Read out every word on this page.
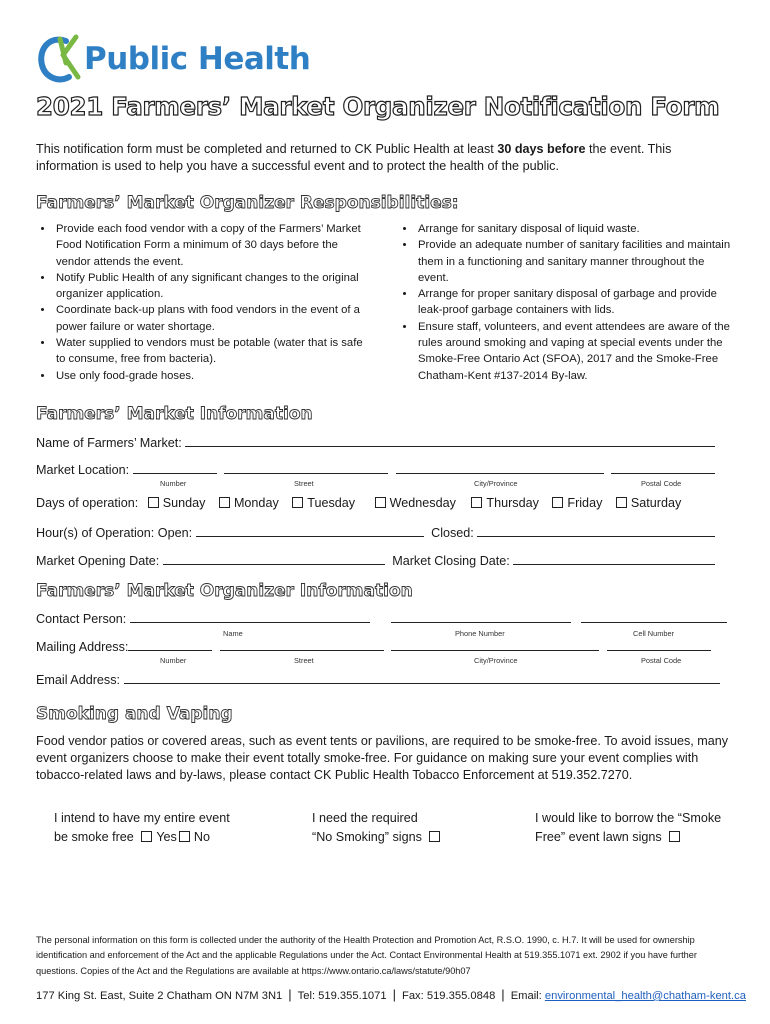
Public Health
2021 Farmers’ Market Organizer Notification Form
This notification form must be completed and returned to CK Public Health at least 30 days before the event. This information is used to help you have a successful event and to protect the health of the public.
Farmers’ Market Organizer Responsibilities:
• Provide each food vendor with a copy of the Farmers’ Market Food Notification Form a minimum of 30 days before the vendor attends the event.
• Notify Public Health of any significant changes to the original organizer application.
• Coordinate back-up plans with food vendors in the event of a power failure or water shortage.
• Water supplied to vendors must be potable (water that is safe to consume, free from bacteria).
• Use only food-grade hoses.
• Arrange for sanitary disposal of liquid waste.
• Provide an adequate number of sanitary facilities and maintain them in a functioning and sanitary manner throughout the event.
• Arrange for proper sanitary disposal of garbage and provide leak-proof garbage containers with lids.
• Ensure staff, volunteers, and event attendees are aware of the rules around smoking and vaping at special events under the Smoke-Free Ontario Act (SFOA), 2017 and the Smoke-Free Chatham-Kent #137-2014 By-law.
Farmers’ Market Information
Name of Farmers’ Market:
Market Location:
Number	Street	City/Province	Postal Code
Days of operation: Sunday Monday Tuesday	Wednesday Thursday Friday Saturday
Hour(s) of Operation: Open:	Closed:
Market Opening Date:	Market Closing Date:
Farmers’ Market Organizer Information
Contact Person:
Name	Phone Number	Cell Number
Mailing Address:
Number	Street	City/Province	Postal Code
Email Address:
Smoking and Vaping
Food vendor patios or covered areas, such as event tents or pavilions, are required to be smoke-free. To avoid issues, many event organizers choose to make their event totally smoke-free. For guidance on making sure your event complies with tobacco-related laws and by-laws, please contact CK Public Health Tobacco Enforcement at 519.352.7270.
I intend to have my entire event
be smoke free Yes No
I need the required
“No Smoking” signs
I would like to borrow the “Smoke
Free” event lawn signs
The personal information on this form is collected under the authority of the Health Protection and Promotion Act, R.S.O. 1990, c. H.7. It will be used for ownership identification and enforcement of the Act and the applicable Regulations under the Act. Contact Environmental Health at 519.355.1071 ext. 2902 if you have further questions. Copies of the Act and the Regulations are available at https://www.ontario.ca/laws/statute/90h07
177 King St. East, Suite 2 Chatham ON N7M 3N1 | Tel: 519.355.1071 | Fax: 519.355.0848 | Email: environmental_health@chatham-kent.ca
